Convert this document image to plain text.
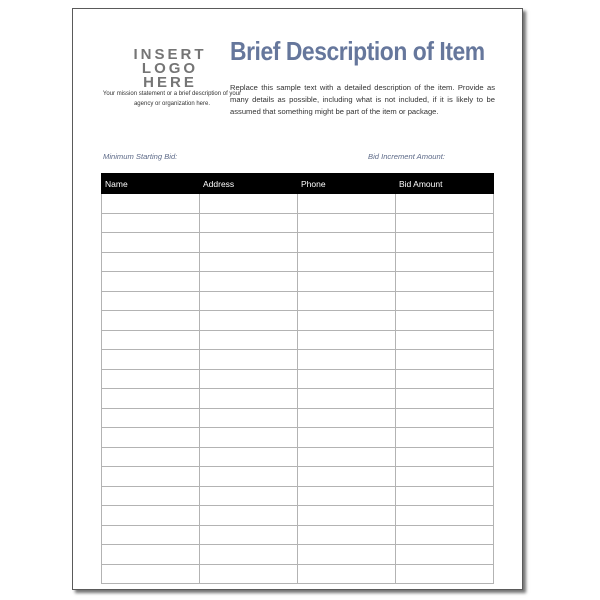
INSERT
LOGO
HERE
Your mission statement or a brief description of your agency or organization here.
Brief Description of Item
Replace this sample text with a detailed description of the item. Provide as many details as possible, including what is not included, if it is likely to be assumed that something might be part of the item or package.
Minimum Starting Bid:	Bid Increment Amount:
Name	Address	Phone	Bid Amount
